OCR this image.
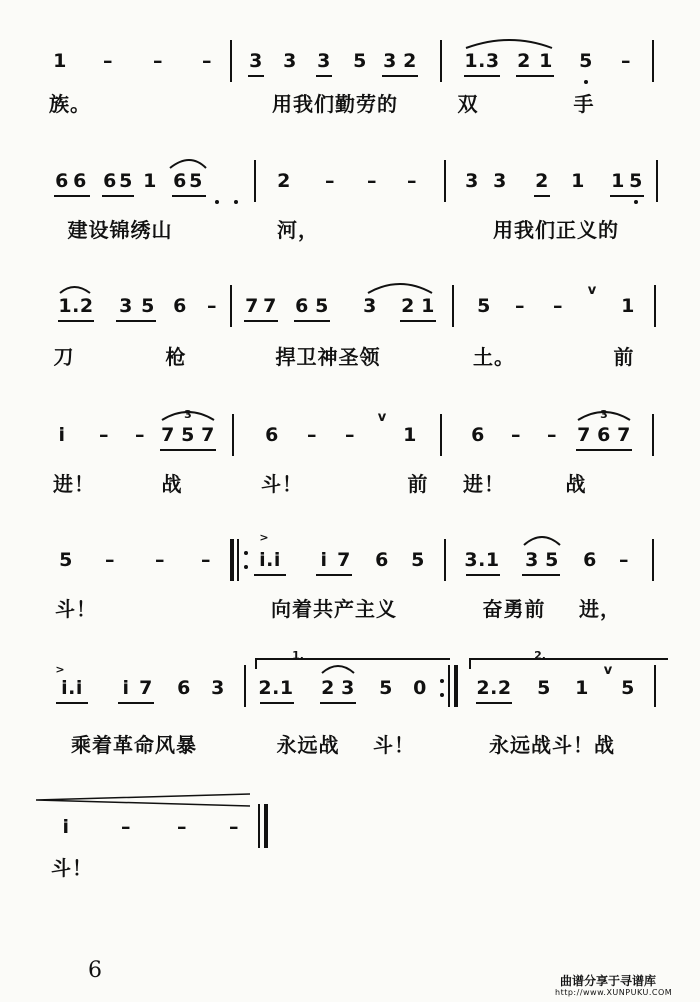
1 – – – 3 3 3 5 3 2	1.3 2 1 5 –
族。	用我们勤劳的	双	手
6 6 6 5 1 6 5	2 – – –	3 3 2 1 1 5
建设锦绣山	河，	用我们正义的
1.2 3 5 6 – 7 7 6 5 3 2 1 5 – –
v
1
刀	枪	捍卫神圣领	土。	前
i – – 7 5 7
3
6 – –
v
1	6 – – 7 6 7
3
进！	战	斗！	前 进！	战
5 – – –
>
i.i i 7 6 5 3.1 3 5 6 –
斗！	向着共产主义	奋勇前 进，
>
i.i i 7 6 3
1.
2.1 2 3 5 0
2.
2.2 5 1
v
5
乘着革命风暴	永远战 斗！	永远战斗！战
i	– – –
斗！
6	曲谱分享于寻谱库
http://www.XUNPUKU.COM
